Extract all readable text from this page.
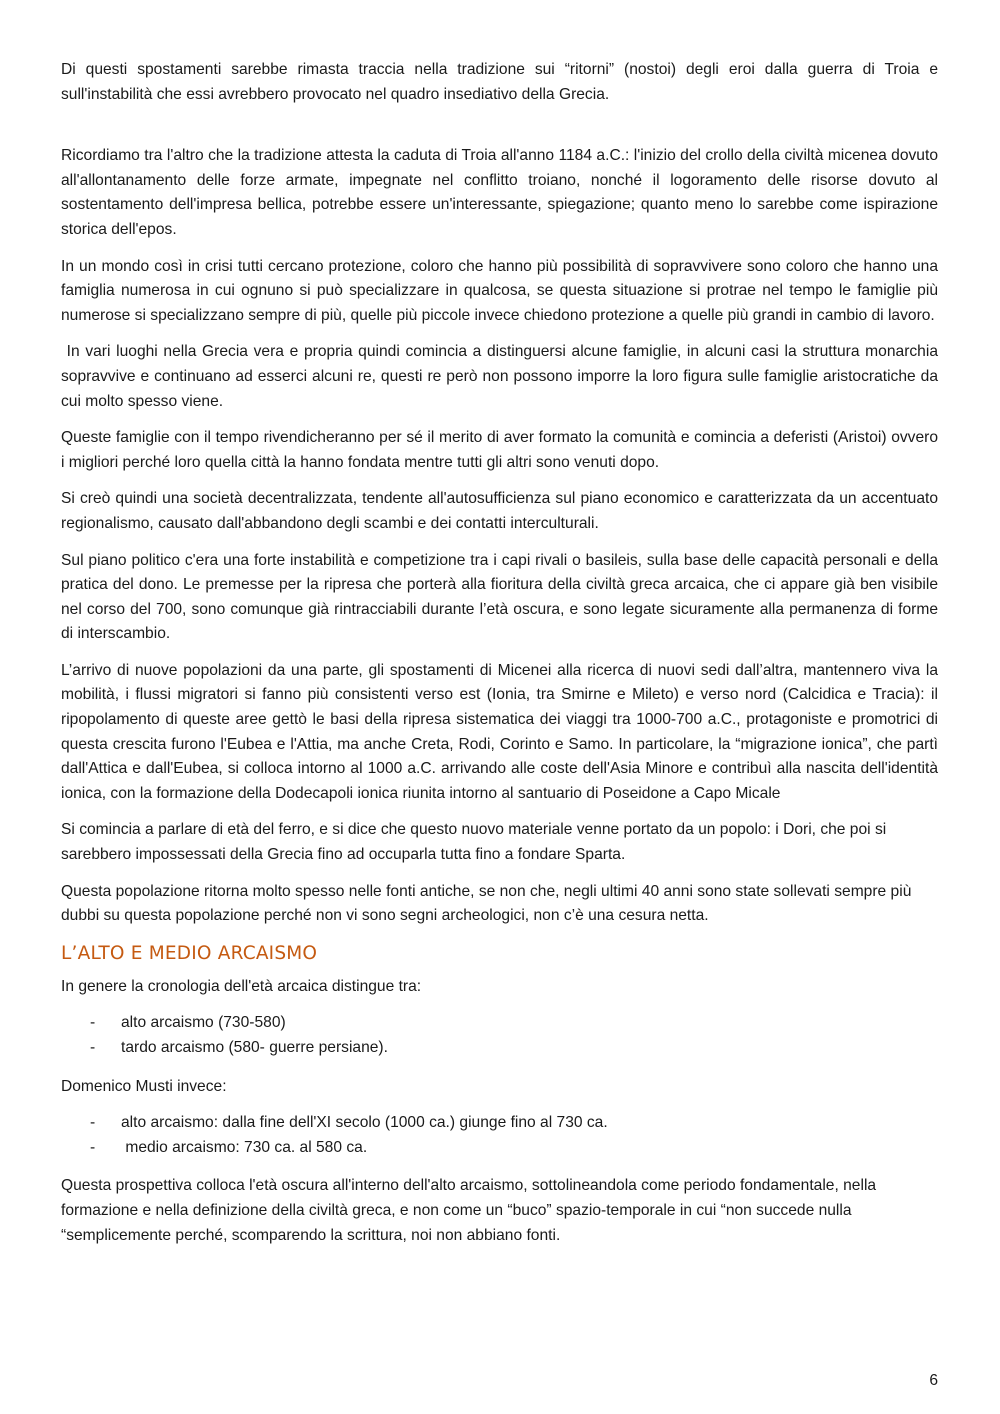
Di questi spostamenti sarebbe rimasta traccia nella tradizione sui “ritorni” (nostoi) degli eroi dalla guerra di Troia e sull'instabilità che essi avrebbero provocato nel quadro insediativo della Grecia.

Ricordiamo tra l'altro che la tradizione attesta la caduta di Troia all'anno 1184 a.C.: l'inizio del crollo della civiltà micenea dovuto all'allontanamento delle forze armate, impegnate nel conflitto troiano, nonché il logoramento delle risorse dovuto al sostentamento dell'impresa bellica, potrebbe essere un'interessante, spiegazione; quanto meno lo sarebbe come ispirazione storica dell'epos.

In un mondo così in crisi tutti cercano protezione, coloro che hanno più possibilità di sopravvivere sono coloro che hanno una famiglia numerosa in cui ognuno si può specializzare in qualcosa, se questa situazione si protrae nel tempo le famiglie più numerose si specializzano sempre di più, quelle più piccole invece chiedono protezione a quelle più grandi in cambio di lavoro.

In vari luoghi nella Grecia vera e propria quindi comincia a distinguersi alcune famiglie, in alcuni casi la struttura monarchia sopravvive e continuano ad esserci alcuni re, questi re però non possono imporre la loro figura sulle famiglie aristocratiche da cui molto spesso viene.

Queste famiglie con il tempo rivendicheranno per sé il merito di aver formato la comunità e comincia a deferisti (Aristoi) ovvero i migliori perché loro quella città la hanno fondata mentre tutti gli altri sono venuti dopo.

Si creò quindi una società decentralizzata, tendente all'autosufficienza sul piano economico e caratterizzata da un accentuato regionalismo, causato dall'abbandono degli scambi e dei contatti interculturali.

Sul piano politico c'era una forte instabilità e competizione tra i capi rivali o basileis, sulla base delle capacità personali e della pratica del dono. Le premesse per la ripresa che porterà alla fioritura della civiltà greca arcaica, che ci appare già ben visibile nel corso del 700, sono comunque già rintracciabili durante l’età oscura, e sono legate sicuramente alla permanenza di forme di interscambio.

L’arrivo di nuove popolazioni da una parte, gli spostamenti di Micenei alla ricerca di nuovi sedi dall’altra, mantennero viva la mobilità, i flussi migratori si fanno più consistenti verso est (Ionia, tra Smirne e Mileto) e verso nord (Calcidica e Tracia): il ripopolamento di queste aree gettò le basi della ripresa sistematica dei viaggi tra 1000-700 a.C., protagoniste e promotrici di questa crescita furono l'Eubea e l'Attia, ma anche Creta, Rodi, Corinto e Samo. In particolare, la “migrazione ionica”, che partì dall'Attica e dall'Eubea, si colloca intorno al 1000 a.C. arrivando alle coste dell'Asia Minore e contribuì alla nascita dell'identità ionica, con la formazione della Dodecapoli ionica riunita intorno al santuario di Poseidone a Capo Micale

Si comincia a parlare di età del ferro, e si dice che questo nuovo materiale venne portato da un popolo: i Dori, che poi si sarebbero impossessati della Grecia fino ad occuparla tutta fino a fondare Sparta.

Questa popolazione ritorna molto spesso nelle fonti antiche, se non che, negli ultimi 40 anni sono state sollevati sempre più dubbi su questa popolazione perché non vi sono segni archeologici, non c’è una cesura netta.

L’ALTO E MEDIO ARCAISMO

In genere la cronologia dell'età arcaica distingue tra:

- alto arcaismo (730-580)
- tardo arcaismo (580- guerre persiane).

Domenico Musti invece:

- alto arcaismo: dalla fine dell'XI secolo (1000 ca.) giunge fino al 730 ca.
- medio arcaismo: 730 ca. al 580 ca.

Questa prospettiva colloca l'età oscura all'interno dell'alto arcaismo, sottolineandola come periodo fondamentale, nella formazione e nella definizione della civiltà greca, e non come un “buco” spazio-temporale in cui “non succede nulla “semplicemente perché, scomparendo la scrittura, noi non abbiano fonti.

6
